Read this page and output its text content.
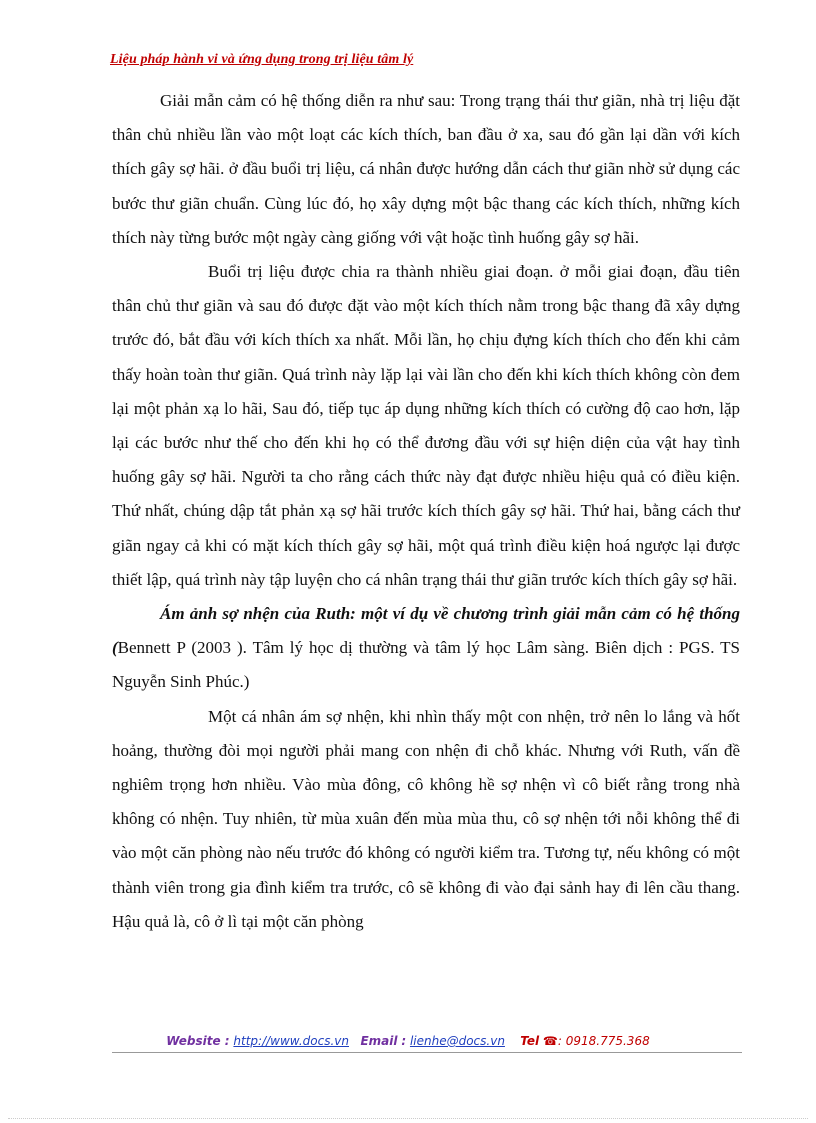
Liệu pháp hành vi và ứng dụng trong trị liệu tâm lý

Giải mẫn cảm có hệ thống diễn ra như sau: Trong trạng thái thư giãn, nhà trị liệu đặt thân chủ nhiều lần vào một loạt các kích thích, ban đầu ở xa, sau đó gần lại dần với kích thích gây sợ hãi. ở đầu buổi trị liệu, cá nhân được hướng dẫn cách thư giãn nhờ sử dụng các bước thư giãn chuẩn. Cùng lúc đó, họ xây dựng một bậc thang các kích thích, những kích thích này từng bước một ngày càng giống với vật hoặc tình huống gây sợ hãi.

Buổi trị liệu được chia ra thành nhiều giai đoạn. ở mỗi giai đoạn, đầu tiên thân chủ thư giãn và sau đó được đặt vào một kích thích nằm trong bậc thang đã xây dựng trước đó, bắt đầu với kích thích xa nhất. Mỗi lần, họ chịu đựng kích thích cho đến khi cảm thấy hoàn toàn thư giãn. Quá trình này lặp lại vài lần cho đến khi kích thích không còn đem lại một phản xạ lo hãi, Sau đó, tiếp tục áp dụng những kích thích có cường độ cao hơn, lặp lại các bước như thế cho đến khi họ có thể đương đầu với sự hiện diện của vật hay tình huống gây sợ hãi. Người ta cho rằng cách thức này đạt được nhiều hiệu quả có điều kiện. Thứ nhất, chúng dập tắt phản xạ sợ hãi trước kích thích gây sợ hãi. Thứ hai, bằng cách thư giãn ngay cả khi có mặt kích thích gây sợ hãi, một quá trình điều kiện hoá ngược lại được thiết lập, quá trình này tập luyện cho cá nhân trạng thái thư giãn trước kích thích gây sợ hãi.

Ám ảnh sợ nhện của Ruth: một ví dụ về chương trình giải mẫn cảm có hệ thống (Bennett P (2003 ). Tâm lý học dị thường và tâm lý học Lâm sàng. Biên dịch : PGS. TS Nguyễn Sinh Phúc.)

Một cá nhân ám sợ nhện, khi nhìn thấy một con nhện, trở nên lo lắng và hốt hoảng, thường đòi mọi người phải mang con nhện đi chỗ khác. Nhưng với Ruth, vấn đề nghiêm trọng hơn nhiều. Vào mùa đông, cô không hề sợ nhện vì cô biết rằng trong nhà không có nhện. Tuy nhiên, từ mùa xuân đến mùa mùa thu, cô sợ nhện tới nỗi không thể đi vào một căn phòng nào nếu trước đó không có người kiểm tra. Tương tự, nếu không có một thành viên trong gia đình kiểm tra trước, cô sẽ không đi vào đại sảnh hay đi lên cầu thang. Hậu quả là, cô ở lì tại một căn phòng

Website : http://www.docs.vn Email : lienhe@docs.vn Tel ☎: 0918.775.368
